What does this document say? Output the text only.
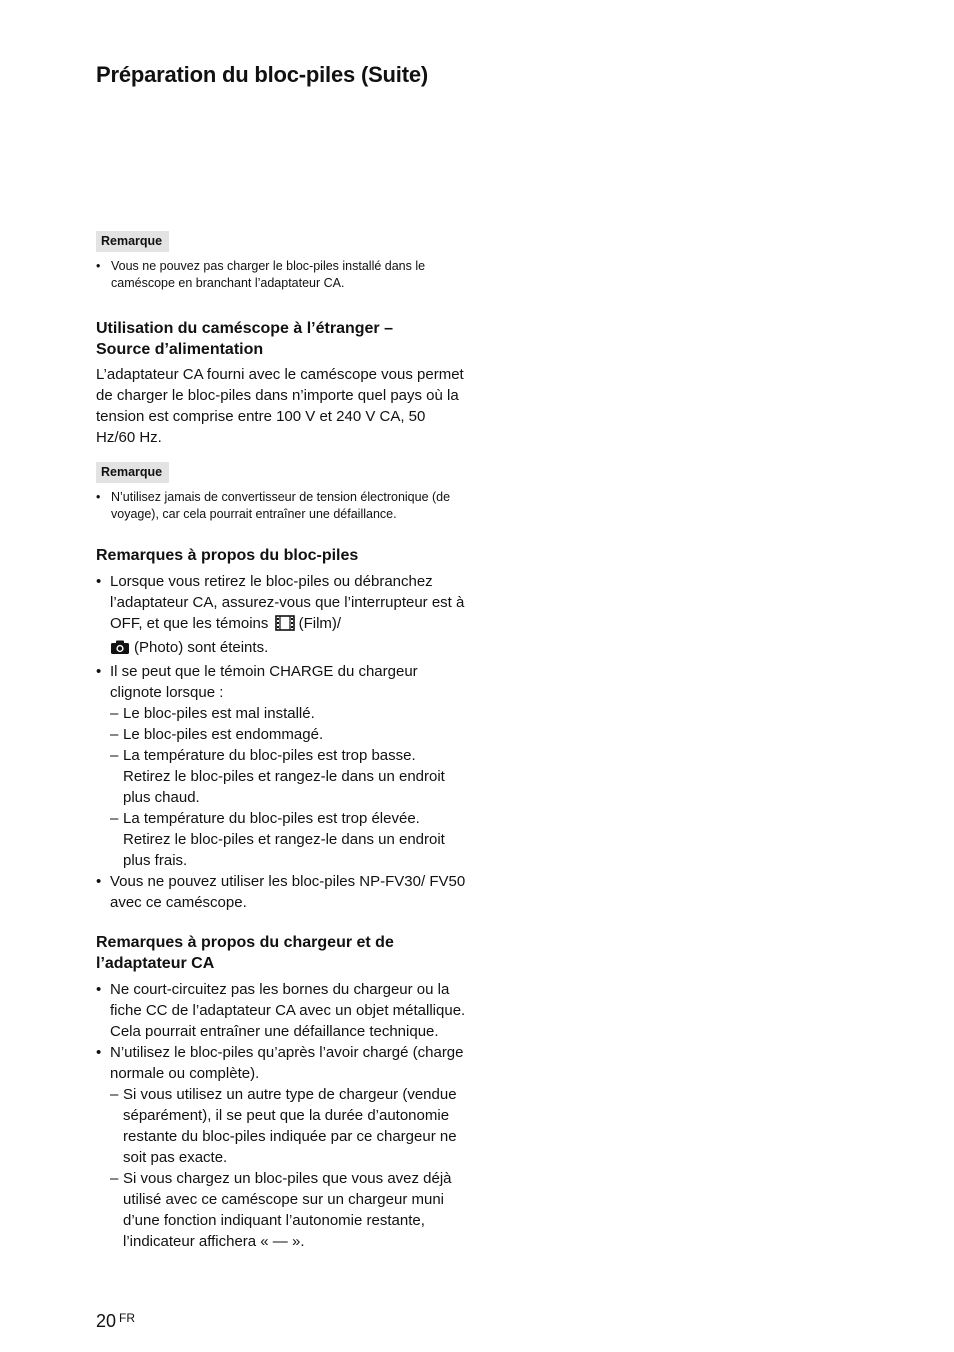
Préparation du bloc-piles (Suite)
Remarque
• Vous ne pouvez pas charger le bloc-piles installé dans le caméscope en branchant l’adaptateur CA.
Utilisation du caméscope à l’étranger –
Source d’alimentation

L’adaptateur CA fourni avec le caméscope vous permet de charger le bloc-piles dans n’importe quel pays où la tension est comprise entre 100 V et 240 V CA, 50 Hz/60 Hz.

Remarque
• N’utilisez jamais de convertisseur de tension électronique (de voyage), car cela pourrait entraîner une défaillance.
Remarques à propos du bloc-piles
• Lorsque vous retirez le bloc-piles ou débranchez l’adaptateur CA, assurez-vous que l’interrupteur est à OFF, et que les témoins (Film)/
(Photo) sont éteints.
• Il se peut que le témoin CHARGE du chargeur clignote lorsque :
– Le bloc-piles est mal installé.
– Le bloc-piles est endommagé.
– La température du bloc-piles est trop basse. Retirez le bloc-piles et rangez-le dans un endroit plus chaud.
– La température du bloc-piles est trop élevée. Retirez le bloc-piles et rangez-le dans un endroit plus frais.
• Vous ne pouvez utiliser les bloc-piles NP-FV30/ FV50 avec ce caméscope.
Remarques à propos du chargeur et de
l’adaptateur CA
• Ne court-circuitez pas les bornes du chargeur ou la fiche CC de l’adaptateur CA avec un objet métallique. Cela pourrait entraîner une défaillance technique.
• N’utilisez le bloc-piles qu’après l’avoir chargé (charge normale ou complète).
– Si vous utilisez un autre type de chargeur (vendue séparément), il se peut que la durée d’autonomie restante du bloc-piles indiquée par ce chargeur ne soit pas exacte.
– Si vous chargez un bloc-piles que vous avez déjà utilisé avec ce caméscope sur un chargeur muni d’une fonction indiquant l’autonomie restante, l’indicateur affichera « — ».
20 $^{FR}$
